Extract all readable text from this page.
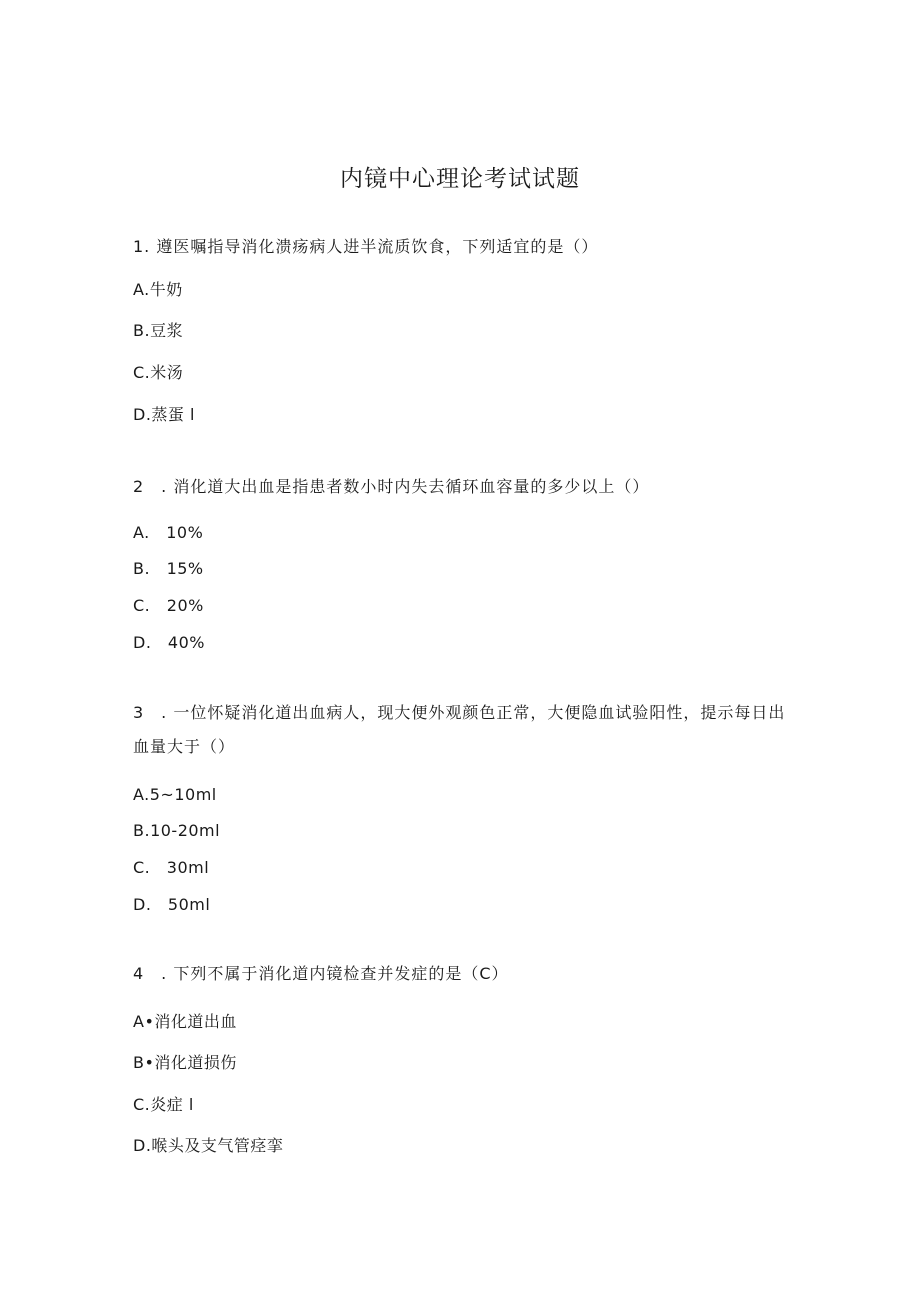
内镜中心理论考试试题
1. 遵医嘱指导消化溃疡病人进半流质饮食，下列适宜的是（）
A.牛奶
B.豆浆
C.米汤
D.蒸蛋 l
2　. 消化道大出血是指患者数小时内失去循环血容量的多少以上（）
A.　10%
B.　15%
C.　20%
D.　40%
3　. 一位怀疑消化道出血病人，现大便外观颜色正常，大便隐血试验阳性，提示每日出
血量大于（）
A.5~10ml
B.10-20ml
C.　30ml
D.　50ml
4　. 下列不属于消化道内镜检查并发症的是（C）
A•消化道出血
B•消化道损伤
C.炎症 l
D.喉头及支气管痉挛
